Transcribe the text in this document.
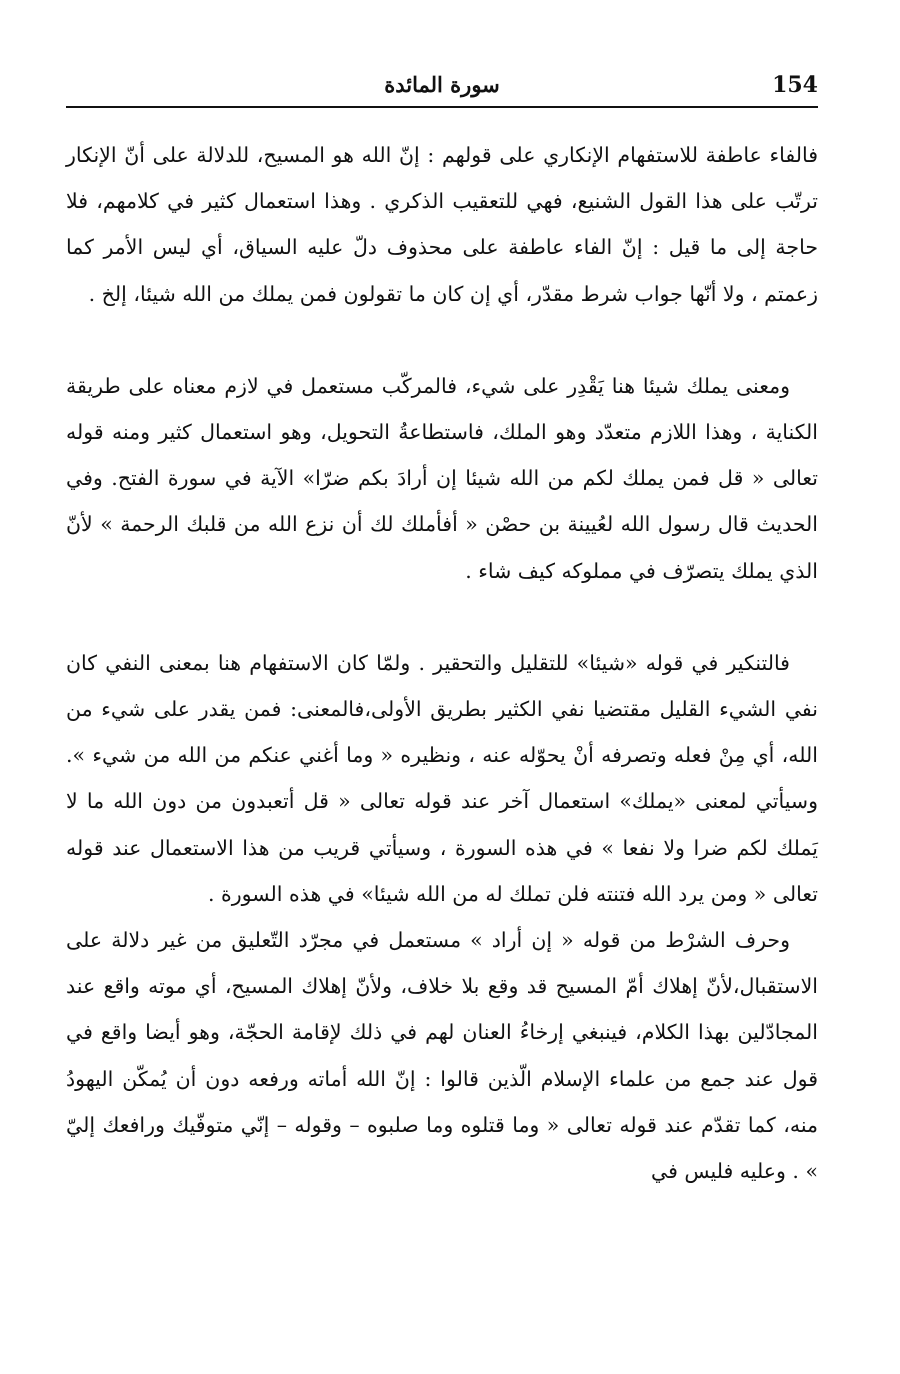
154
سورة المائدة

فالفاء عاطفة للاستفهام الإنكاري على قولهم : إنّ الله هو المسيح، للدلالة على أنّ الإنكار ترتّب على هذا القول الشنيع، فهي للتعقيب الذكري . وهذا استعمال كثير في كلامهم، فلا حاجة إلى ما قيل : إنّ الفاء عاطفة على محذوف دلّ عليه السياق، أي ليس الأمر كما زعمتم ، ولا أنّها جواب شرط مقدّر، أي إن كان ما تقولون فمن يملك من الله شيئا، إلخ .

ومعنى يملك شيئا هنا يَقْدِر على شيء، فالمركّب مستعمل في لازم معناه على طريقة الكناية ، وهذا اللازم متعدّد وهو الملك، فاستطاعةُ التحويل، وهو استعمال كثير ومنه قوله تعالى « قل فمن يملك لكم من الله شيئا إن أرادَ بكم ضرّا» الآية في سورة الفتح. وفي الحديث قال رسول الله لعُيينة بن حصْن « أفأملك لك أن نزع الله من قلبك الرحمة » لأنّ الذي يملك يتصرّف في مملوكه كيف شاء .

فالتنكير في قوله «شيئا» للتقليل والتحقير . ولمّا كان الاستفهام هنا بمعنى النفي كان نفي الشيء القليل مقتضيا نفي الكثير بطريق الأولى،فالمعنى: فمن يقدر على شيء من الله، أي مِنْ فعله وتصرفه أنْ يحوّله عنه ، ونظيره « وما أغني عنكم من الله من شيء ». وسيأتي لمعنى «يملك» استعمال آخر عند قوله تعالى « قل أتعبدون من دون الله ما لا يَملك لكم ضرا ولا نفعا » في هذه السورة ، وسيأتي قريب من هذا الاستعمال عند قوله تعالى « ومن يرد الله فتنته فلن تملك له من الله شيئا» في هذه السورة .

وحرف الشرْط من قوله « إن أراد » مستعمل في مجرّد التّعليق من غير دلالة على الاستقبال،لأنّ إهلاك أمّ المسيح قد وقع بلا خلاف، ولأنّ إهلاك المسيح، أي موته واقع عند المجادّلين بهذا الكلام، فينبغي إرخاءُ العنان لهم في ذلك لإقامة الحجّة، وهو أيضا واقع في قول عند جمع من علماء الإسلام الّذين قالوا : إنّ الله أماته ورفعه دون أن يُمكّن اليهودُ منه، كما تقدّم عند قوله تعالى « وما قتلوه وما صلبوه – وقوله – إنّي متوفّيك ورافعك إليّ » . وعليه فليس في
